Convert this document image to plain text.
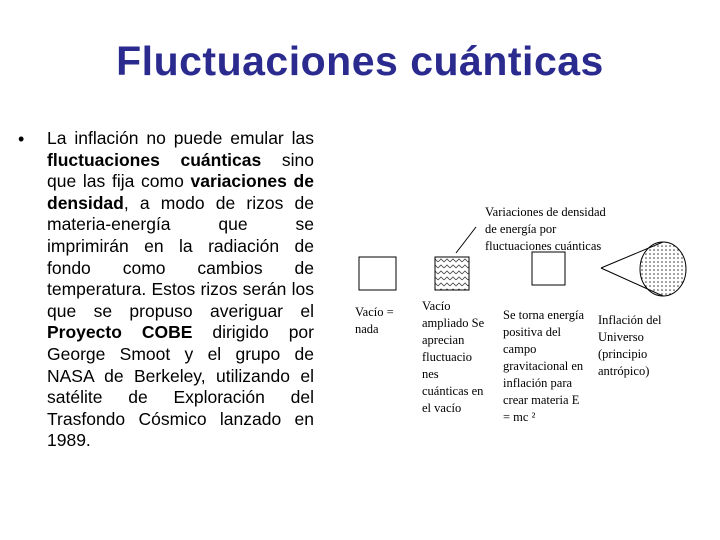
Fluctuaciones cuánticas
• La inflación no puede emular las fluctuaciones cuánticas sino que las fija como variaciones de densidad, a modo de rizos de materia-energía que se imprimirán en la radiación de fondo como cambios de temperatura. Estos rizos serán los que se propuso averiguar el Proyecto COBE dirigido por George Smoot y el grupo de NASA de Berkeley, utilizando el satélite de Exploración del Trasfondo Cósmico lanzado en 1989.
Variaciones de densidad de energía por fluctuaciones cuánticas
Vacío = nada
Vacío ampliado Se aprecian fluctuacio nes cuánticas en el vacío
Se torna energía positiva del campo gravitacional en inflación para crear materia E = mc ²
Inflación del Universo (principio antrópico)
